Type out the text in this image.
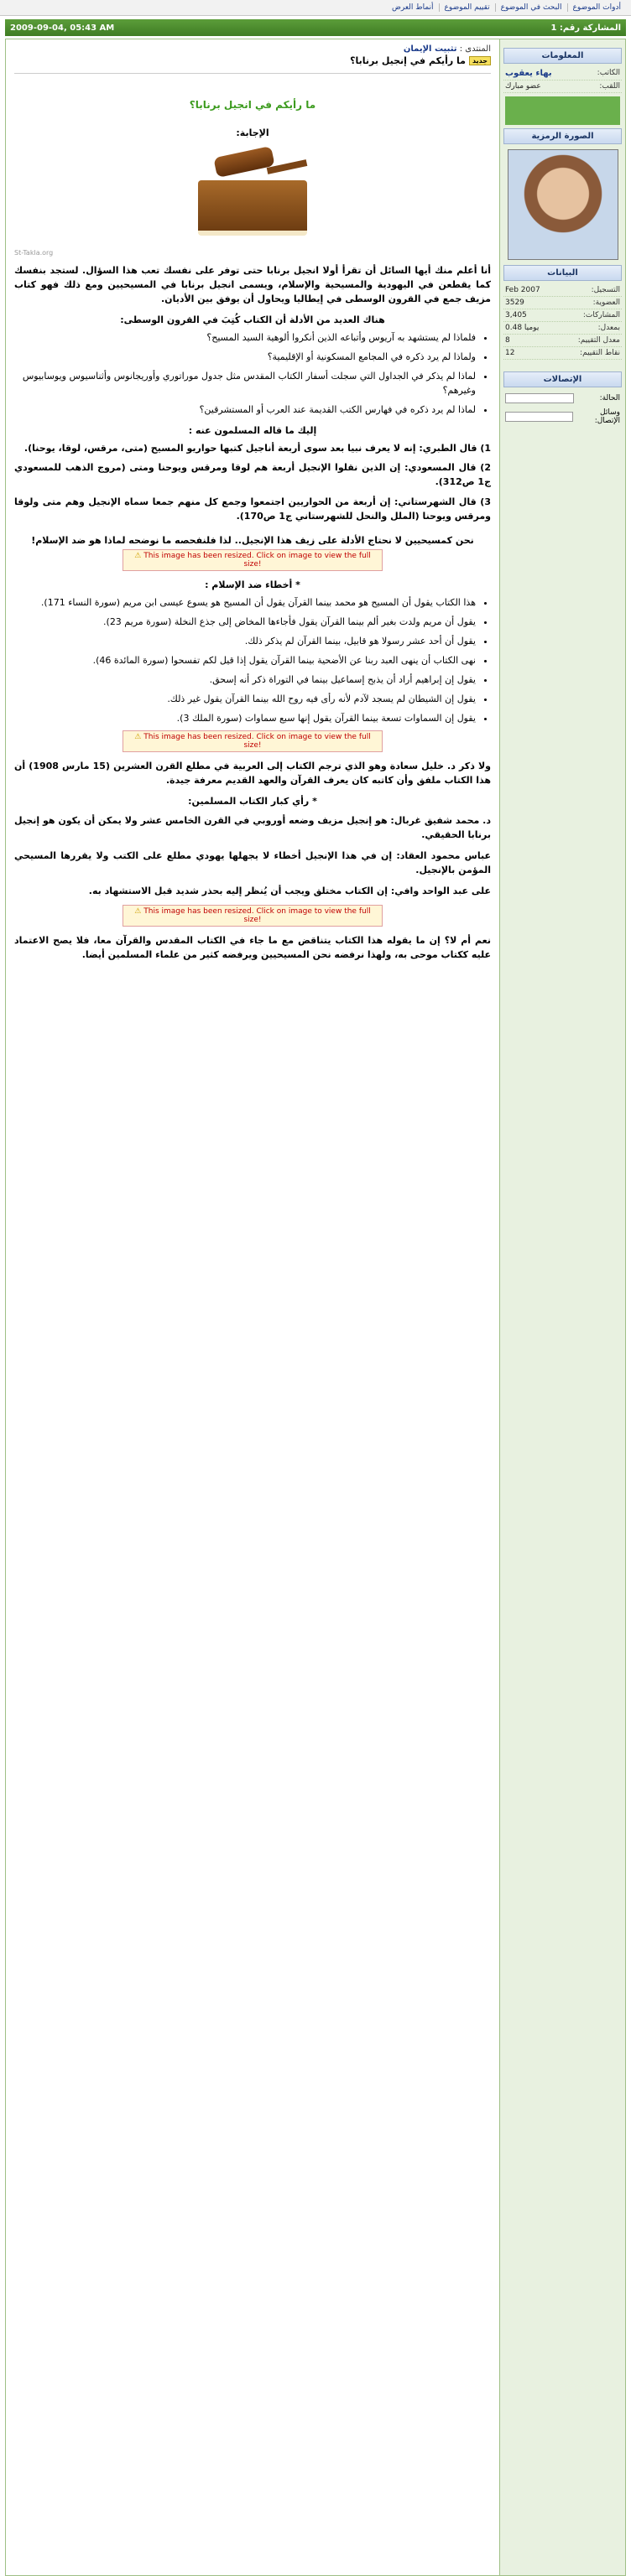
أدوات الموضوع
البحث في الموضوع
تقييم الموضوع
أنماط العرض
المشاركة رقم: 1
2009-09-04, 05:43 AM
المعلومات
الكاتب:
بهاء يعقوب
اللقب:
عضو مبارك
الصورة الرمزية
البيانات
التسجيل:
Feb 2007
العضوية:
3529
المشاركات:
3,405
بمعدل:
0.48 يوميا
معدل التقييم:
8
نقاط التقييم:
12
الإتصالات
الحالة:
وسائل الإتصال:
المنتدى : تثبيت الإيمان
جديد
ما رأيكم في إنجيل برنابا؟
ما رأيكم في انجيل برنابا؟
الإجابة:
St-Takla.org
أنا أعلم منك أيها السائل أن تقرأ أولا انجيل برنابا حتى توفر على نفسك تعب هذا السؤال. لستجد بنفسك كما يقطعن في اليهودية والمسيحية والإسلام، ويسمى انجيل برنابا في المسيحيين ومع ذلك فهو كتاب مزيف جمع في القرون الوسطى في إيطاليا ويحاول أن يوفق بين الأديان.
هناك العديد من الأدلة أن الكتاب كُتِبَ في القرون الوسطى:
• فلماذا لم يستشهد به آريوس وأتباعه الذين أنكروا ألوهية السيد المسيح؟
• ولماذا لم يرد ذكره في المجامع المسكونية أو الإقليمية؟
• لماذا لم يذكر في الجداول التي سجلت أسفار الكتاب المقدس مثل جدول موراتوري وأوريجانوس وأثناسيوس ويوسابيوس وغيرهم؟
• لماذا لم يرد ذكره في فهارس الكتب القديمة عند العرب أو المستشرقين؟
إليك ما قاله المسلمون عنه :
1) قال الطبري: إنه لا يعرف نبيا بعد سوى أربعة أناجيل كتبها حواريو المسيح (متى، مرقس، لوقا، يوحنا).
2) قال المسعودي: إن الذين نقلوا الإنجيل أربعة هم لوقا ومرقس ويوحنا ومتى (مروج الذهب للمسعودي ج1 ص312).
3) قال الشهرستاني: إن أربعة من الحواريين اجتمعوا وجمع كل منهم جمعا سماه الإنجيل وهم متى ولوقا ومرقس ويوحنا (الملل والنحل للشهرستاني ج1 ص170).
نحن كمسيحيين لا نحتاج الأدلة على زيف هذا الإنجيل.. لذا فلنفحصه ما نوضحه لماذا هو ضد الإسلام!
⚠ This image has been resized. Click on image to view the full size!
* أخطاء ضد الإسلام :
• هذا الكتاب يقول أن المسيح هو محمد بينما القرآن يقول أن المسيح هو يسوع عيسى ابن مريم (سورة النساء 171).
• يقول أن مريم ولدت بغير ألم بينما القرآن يقول فأجاءها المخاض إلى جذع النخلة (سورة مريم 23).
• يقول أن أحد عشر رسولا هو قابيل، بينما القرآن لم يذكر ذلك.
• نهى الكتاب أن ينهى العبد ربنا عن الأضحية بينما القرآن يقول إذا قيل لكم تفسحوا (سورة المائدة 46).
• يقول إن إبراهيم أراد أن يذبح إسماعيل بينما في التوراة ذكر أنه إسحق.
• يقول إن الشيطان لم يسجد لآدم لأنه رأى فيه روح الله بينما القرآن يقول غير ذلك.
• يقول إن السماوات تسعة بينما القرآن يقول إنها سبع سماوات (سورة الملك 3).
⚠ This image has been resized. Click on image to view the full size!
ولا ذكر د. خليل سعادة وهو الذي ترجم الكتاب إلى العربية في مطلع القرن العشرين (15 مارس 1908) أن هذا الكتاب ملفق وأن كاتبه كان يعرف القرآن والعهد القديم معرفة جيدة.
* رأي كبار الكتاب المسلمين:
د. محمد شفيق غربال: هو إنجيل مزيف وضعه أوروبي في القرن الخامس عشر ولا يمكن أن يكون هو إنجيل برنابا الحقيقي.
عباس محمود العقاد: إن في هذا الإنجيل أخطاء لا يجهلها يهودي مطلع على الكتب ولا يقررها المسيحي المؤمن بالإنجيل.
على عبد الواحد وافي: إن الكتاب مختلق ويجب أن يُنظر إليه بحذر شديد قبل الاستشهاد به.
⚠ This image has been resized. Click on image to view the full size!
نعم أم لا؟ إن ما يقوله هذا الكتاب يتناقض مع ما جاء في الكتاب المقدس والقرآن معا، فلا يصح الاعتماد عليه ككتاب موحى به، ولهذا نرفضه نحن المسيحيين ويرفضه كثير من علماء المسلمين أيضا.
